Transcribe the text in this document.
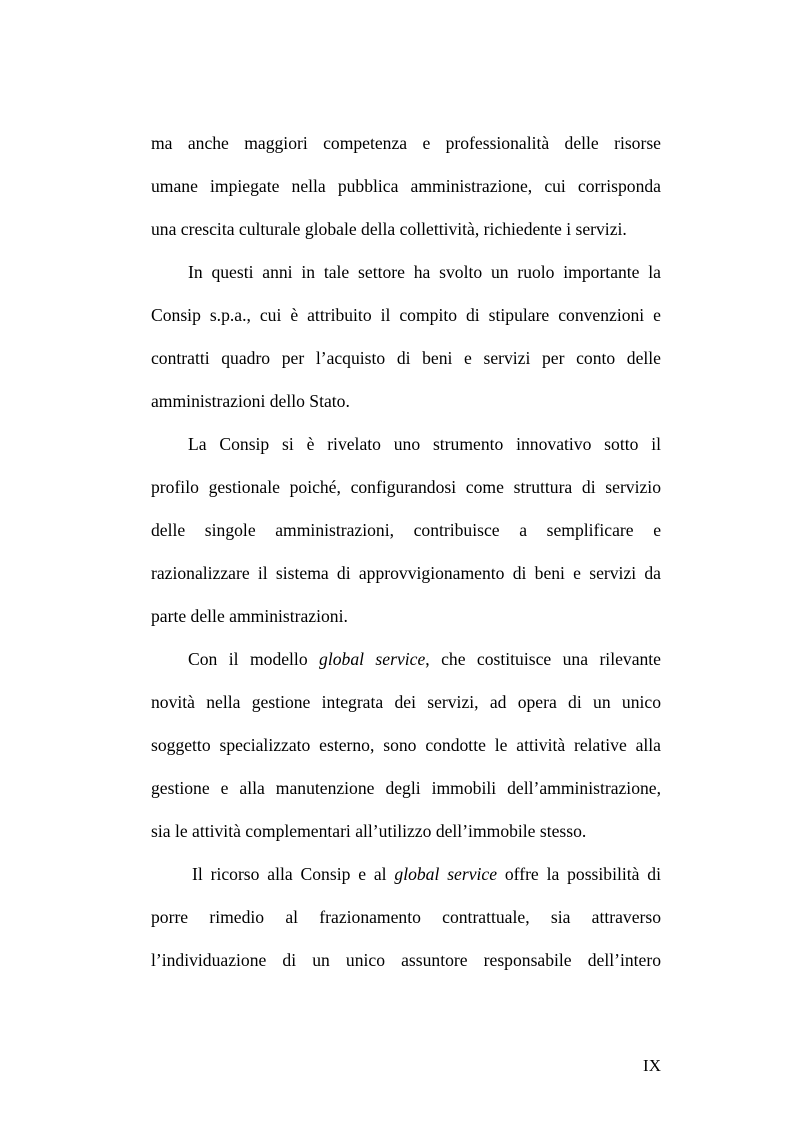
ma anche maggiori competenza e professionalità delle risorse
umane impiegate nella pubblica amministrazione, cui corrisponda
una crescita culturale globale della collettività, richiedente i servizi.
In questi anni in tale settore ha svolto un ruolo importante la
Consip s.p.a., cui è attribuito il compito di stipulare convenzioni e
contratti quadro per l’acquisto di beni e servizi per conto delle
amministrazioni dello Stato.
La Consip si è rivelato uno strumento innovativo sotto il
profilo gestionale poiché, configurandosi come struttura di servizio
delle singole amministrazioni, contribuisce a semplificare e
razionalizzare il sistema di approvvigionamento di beni e servizi da
parte delle amministrazioni.
Con il modello global service, che costituisce una rilevante
novità nella gestione integrata dei servizi, ad opera di un unico
soggetto specializzato esterno, sono condotte le attività relative alla
gestione e alla manutenzione degli immobili dell’amministrazione,
sia le attività complementari all’utilizzo dell’immobile stesso.
Il ricorso alla Consip e al global service offre la possibilità di
porre rimedio al frazionamento contrattuale, sia attraverso
l’individuazione di un unico assuntore responsabile dell’intero
IX
